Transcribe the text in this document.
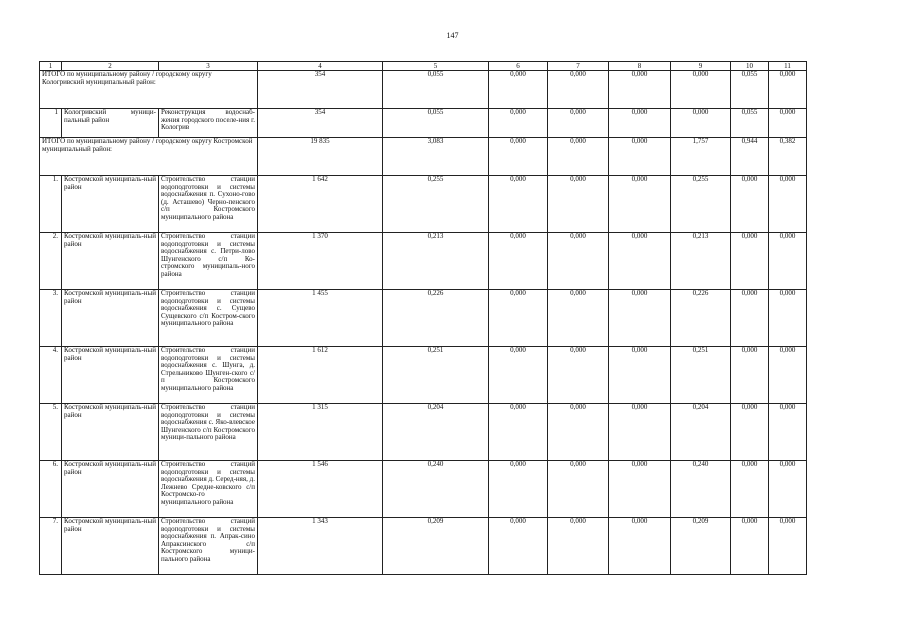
147
1	2	3	4	5	6	7	8	9	10	11
ИТОГО по муниципальному району / городскому округу Кологривский муниципальный район:			354	0,055	0,000	0,000	0,000	0,000	0,055	0,000
1	Кологривский муници-пальный район	Реконструкция водоснаб-жения городского поселе-ния г. Кологрив	354	0,055	0,000	0,000	0,000	0,000	0,055	0,000
ИТОГО по муниципальному району / городскому округу Костромской муниципальный район:			19 835	3,083	0,000	0,000	0,000	1,757	0,944	0,382
1.	Костромской муниципаль-ный район	Строительство станции водоподготовки и системы водоснабжения п. Сухоно-гово (д. Асташево) Черно-пенского с/п Костромского муниципального района	1 642	0,255	0,000	0,000	0,000	0,255	0,000	0,000
2.	Костромской муниципаль-ный район	Строительство станции водоподготовки и системы водоснабжения с. Петри-лово Шунгенского с/п Ко-стромского муниципаль-ного района	1 370	0,213	0,000	0,000	0,000	0,213	0,000	0,000
3.	Костромской муниципаль-ный район	Строительство станции водоподготовки и системы водоснабжения с. Сущево Сущевского с/п Костром-ского муниципального района	1 455	0,226	0,000	0,000	0,000	0,226	0,000	0,000
4.	Костромской муниципаль-ный район	Строительство станции водоподготовки и системы водоснабжения с. Шунга, д. Стрельниково Шунген-ского с/п Костромского муниципального района	1 612	0,251	0,000	0,000	0,000	0,251	0,000	0,000
5.	Костромской муниципаль-ный район	Строительство станции водоподготовки и системы водоснабжения с. Яко-влевское Шунгенского с/п Костромского муници-пального района	1 315	0,204	0,000	0,000	0,000	0,204	0,000	0,000
6.	Костромской муниципаль-ный район	Строительство станций водоподготовки и системы водоснабжения д. Серед-няя, д. Лежнево Средне-ковского с/п Костромско-го муниципального района	1 546	0,240	0,000	0,000	0,000	0,240	0,000	0,000
7.	Костромской муниципаль-ный район	Строительство станций водоподготовки и системы водоснабжения п. Апрак-сино Апраксинского с/п Костромского муници-пального района	1 343	0,209	0,000	0,000	0,000	0,209	0,000	0,000
